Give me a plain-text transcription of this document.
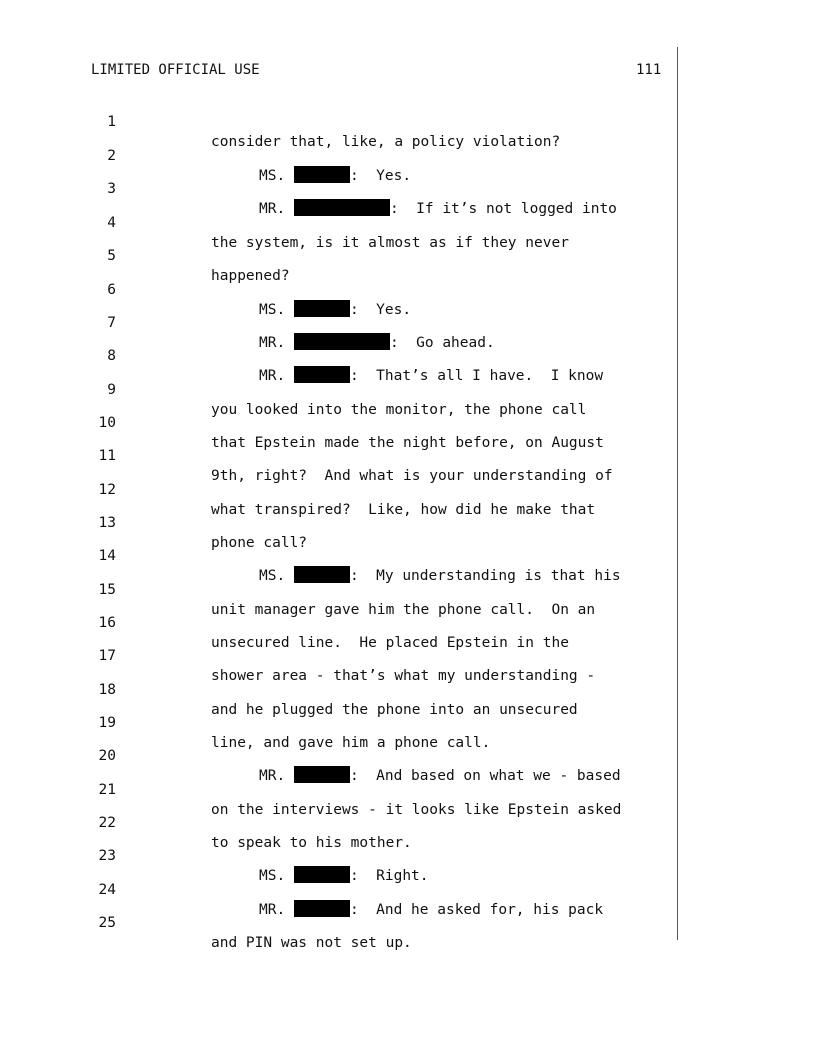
LIMITED OFFICIAL USE	111

1

consider that, like, a policy violation?

2

MS.	:  Yes.

3

MR.	:  If it’s not logged into

4

the system, is it almost as if they never

5

happened?

6

MS.	:  Yes.

7

MR.	:  Go ahead.

8

MR.	:  That’s all I have.  I know

9

you looked into the monitor, the phone call

10

that Epstein made the night before, on August

11

9th, right?  And what is your understanding of

12

what transpired?  Like, how did he make that

13

phone call?

14

MS.	:  My understanding is that his

15

unit manager gave him the phone call.  On an

16

unsecured line.  He placed Epstein in the

17

shower area - that’s what my understanding -

18

and he plugged the phone into an unsecured

19

line, and gave him a phone call.

20

MR.	:  And based on what we - based

21

on the interviews - it looks like Epstein asked

22

to speak to his mother.

23

MS.	:  Right.

24

MR.	:  And he asked for, his pack

25

and PIN was not set up.
